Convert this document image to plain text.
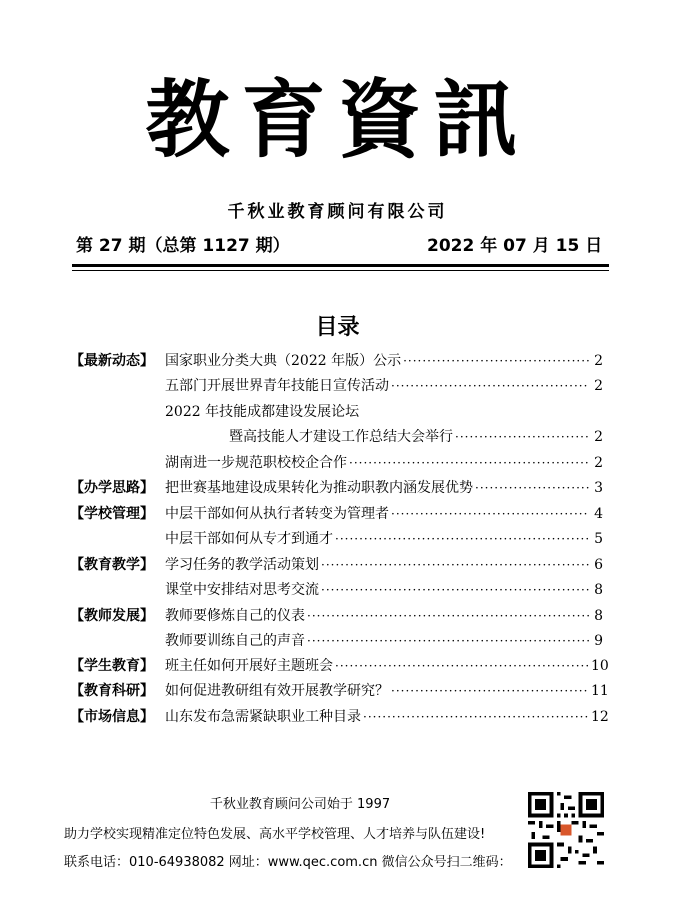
教育資訊
千秋业教育顾问有限公司
第 27 期（总第 1127 期）	2022 年 07 月 15 日
目录
【最新动态】 国家职业分类大典（2022 年版）公示 ·····	2
五部门开展世界青年技能日宣传活动 ·····	2
2022 年技能成都建设发展论坛
暨高技能人才建设工作总结大会举行 ·····	2
湖南进一步规范职校校企合作 ·····	2
【办学思路】 把世赛基地建设成果转化为推动职教内涵发展优势 ·····	3
【学校管理】 中层干部如何从执行者转变为管理者 ·····	4
中层干部如何从专才到通才 ·····	5
【教育教学】 学习任务的教学活动策划 ·····	6
课堂中安排结对思考交流 ·····	8
【教师发展】 教师要修炼自己的仪表 ·····	8
教师要训练自己的声音 ·····	9
【学生教育】 班主任如何开展好主题班会 ·····	10
【教育科研】 如何促进教研组有效开展教学研究？ ·····	11
【市场信息】 山东发布急需紧缺职业工种目录 ·····	12
千秋业教育顾问公司始于 1997
助力学校实现精准定位特色发展、高水平学校管理、人才培养与队伍建设!
联系电话：010-64938082 网址：www.qec.com.cn 微信公众号扫二维码：
